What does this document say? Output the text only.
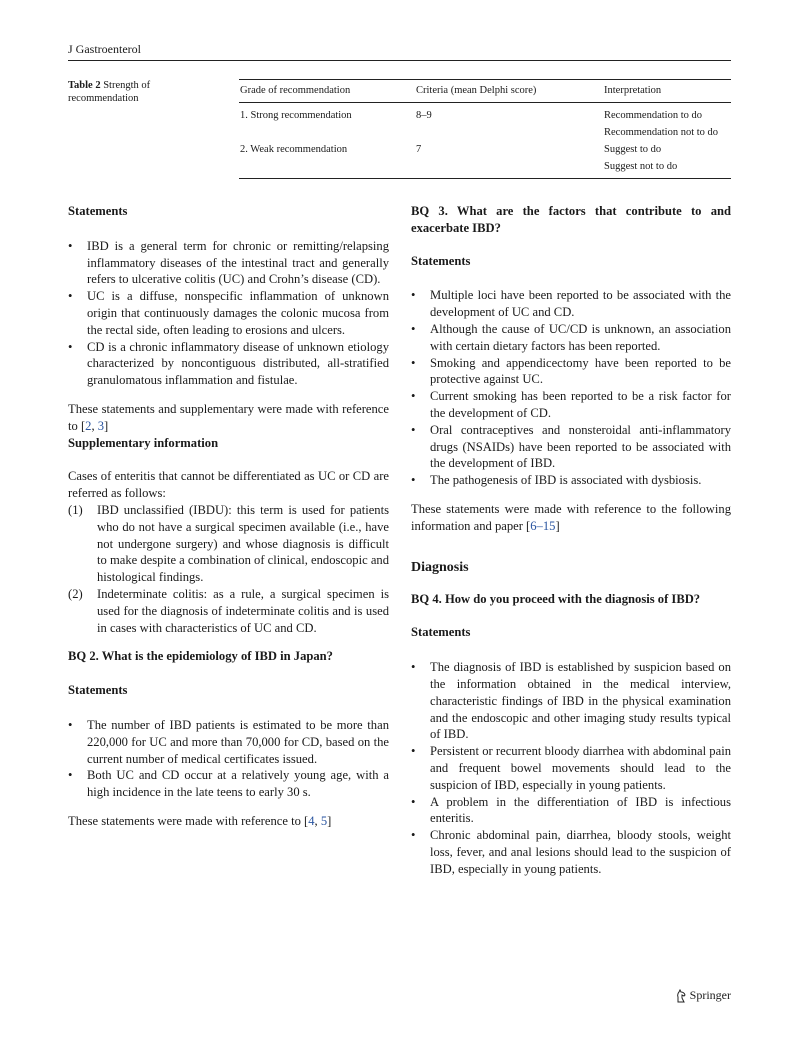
J Gastroenterol
Table 2 Strength of recommendation
Grade of recommendation	Criteria (mean Delphi score)	Interpretation
1. Strong recommendation	8–9	Recommendation to do
Recommendation not to do
2. Weak recommendation	7	Suggest to do
Suggest not to do

Statements

• IBD is a general term for chronic or remitting/relapsing inflammatory diseases of the intestinal tract and generally refers to ulcerative colitis (UC) and Crohn’s disease (CD).
• UC is a diffuse, nonspecific inflammation of unknown origin that continuously damages the colonic mucosa from the rectal side, often leading to erosions and ulcers.
• CD is a chronic inflammatory disease of unknown etiology characterized by noncontiguous distributed, all-stratified granulomatous inflammation and fistulae.

These statements and supplementary were made with reference to [2, 3]

Supplementary information

Cases of enteritis that cannot be differentiated as UC or CD are referred as follows:

(1) IBD unclassified (IBDU): this term is used for patients who do not have a surgical specimen available (i.e., have not undergone surgery) and whose diagnosis is difficult to make despite a combination of clinical, endoscopic and histological findings.
(2) Indeterminate colitis: as a rule, a surgical specimen is used for the diagnosis of indeterminate colitis and is used in cases with characteristics of UC and CD.

BQ 2. What is the epidemiology of IBD in Japan?

Statements

• The number of IBD patients is estimated to be more than 220,000 for UC and more than 70,000 for CD, based on the current number of medical certificates issued.
• Both UC and CD occur at a relatively young age, with a high incidence in the late teens to early 30 s.

These statements were made with reference to [4, 5]

BQ 3. What are the factors that contribute to and exacerbate IBD?

Statements

• Multiple loci have been reported to be associated with the development of UC and CD.
• Although the cause of UC/CD is unknown, an association with certain dietary factors has been reported.
• Smoking and appendicectomy have been reported to be protective against UC.
• Current smoking has been reported to be a risk factor for the development of CD.
• Oral contraceptives and nonsteroidal anti-inflammatory drugs (NSAIDs) have been reported to be associated with the development of IBD.
• The pathogenesis of IBD is associated with dysbiosis.

These statements were made with reference to the following information and paper [6–15]

Diagnosis

BQ 4. How do you proceed with the diagnosis of IBD?

Statements

• The diagnosis of IBD is established by suspicion based on the information obtained in the medical interview, characteristic findings of IBD in the physical examination and the endoscopic and other imaging study results typical of IBD.
• Persistent or recurrent bloody diarrhea with abdominal pain and frequent bowel movements should lead to the suspicion of IBD, especially in young patients.
• A problem in the differentiation of IBD is infectious enteritis.
• Chronic abdominal pain, diarrhea, bloody stools, weight loss, fever, and anal lesions should lead to the suspicion of IBD, especially in young patients.
Springer
